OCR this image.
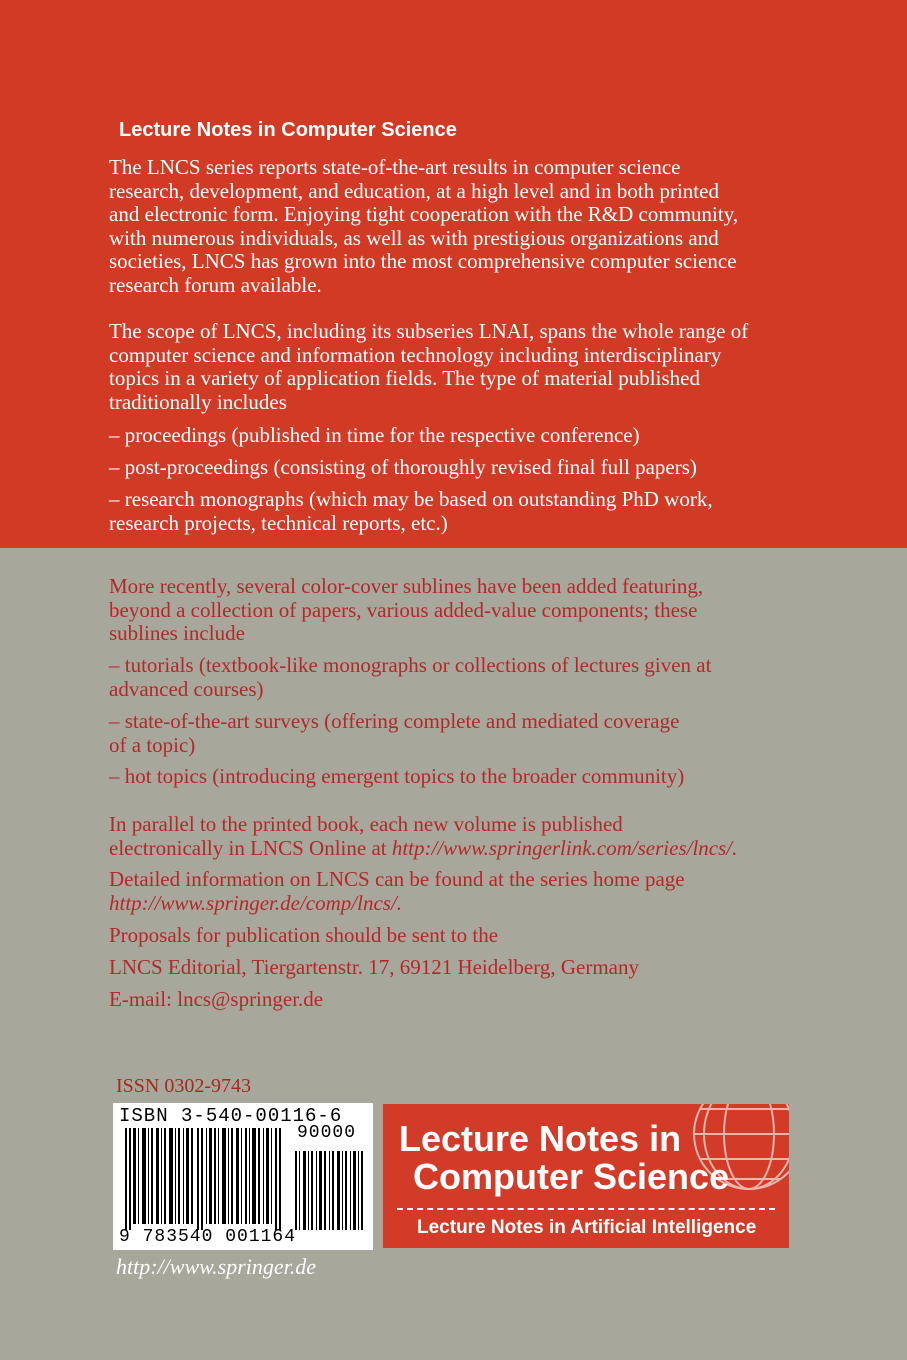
Lecture Notes in Computer Science

The LNCS series reports state-of-the-art results in computer science
research, development, and education, at a high level and in both printed
and electronic form. Enjoying tight cooperation with the R&D community,
with numerous individuals, as well as with prestigious organizations and
societies, LNCS has grown into the most comprehensive computer science
research forum available.

The scope of LNCS, including its subseries LNAI, spans the whole range of
computer science and information technology including interdisciplinary
topics in a variety of application fields. The type of material published
traditionally includes

– proceedings (published in time for the respective conference)

– post-proceedings (consisting of thoroughly revised final full papers)

– research monographs (which may be based on outstanding PhD work,
research projects, technical reports, etc.)

More recently, several color-cover sublines have been added featuring,
beyond a collection of papers, various added-value components; these
sublines include

– tutorials (textbook-like monographs or collections of lectures given at
advanced courses)

– state-of-the-art surveys (offering complete and mediated coverage
of a topic)

– hot topics (introducing emergent topics to the broader community)

In parallel to the printed book, each new volume is published
electronically in LNCS Online at http://www.springerlink.com/series/lncs/.

Detailed information on LNCS can be found at the series home page
http://www.springer.de/comp/lncs/.

Proposals for publication should be sent to the

LNCS Editorial, Tiergartenstr. 17, 69121 Heidelberg, Germany

E-mail: lncs@springer.de

ISSN 0302-9743
ISBN 3-540-00116-6
90000
9 783540 001164
Lecture Notes in
Computer Science
Lecture Notes in Artificial Intelligence
http://www.springer.de
